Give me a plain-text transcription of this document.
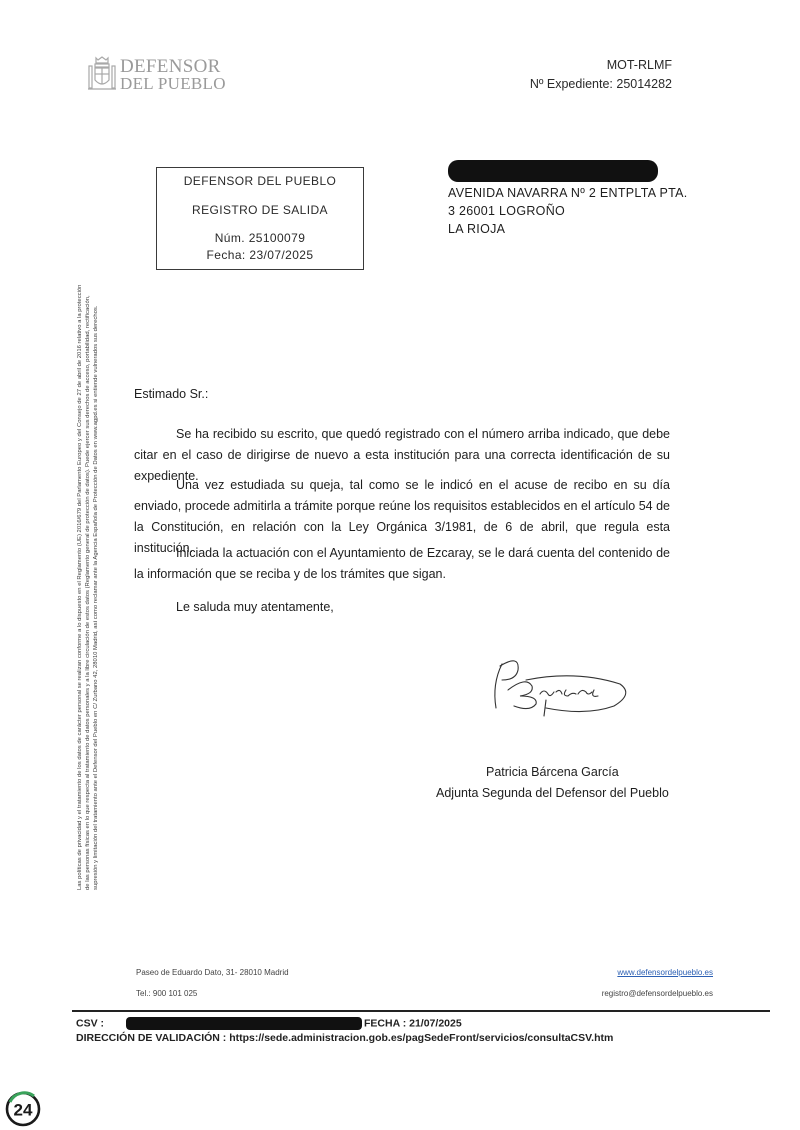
DEFENSOR
DEL PUEBLO
MOT-RLMF
Nº Expediente: 25014282
DEFENSOR DEL PUEBLO
REGISTRO DE SALIDA
Núm. 25100079
Fecha: 23/07/2025
AVENIDA NAVARRA Nº 2 ENTPLTA PTA.
3 26001 LOGROÑO
LA RIOJA
Las políticas de privacidad y el tratamiento de los datos de carácter personal se realizan conforme a lo dispuesto en el Reglamento (UE) 2016/679 del Parlamento Europeo y del Consejo de 27 de abril de 2016 relativo a la protección de las personas físicas en lo que respecta al tratamiento de datos personales y a la libre circulación de estos datos (Reglamento general de protección de datos). Puede ejercer sus derechos de acceso, portabilidad, rectificación, supresión y limitación del tratamiento ante el Defensor del Pueblo en C/ Zurbano 42, 28010 Madrid, así como reclamar ante la Agencia Española de Protección de Datos en www.agpd.es si entiende vulnerados sus derechos.	Estimado Sr.:
Se ha recibido su escrito, que quedó registrado con el número arriba indicado, que debe citar en el caso de dirigirse de nuevo a esta institución para una correcta identificación de su expediente.
Una vez estudiada su queja, tal como se le indicó en el acuse de recibo en su día enviado, procede admitirla a trámite porque reúne los requisitos establecidos en el artículo 54 de la Constitución, en relación con la Ley Orgánica 3/1981, de 6 de abril, que regula esta institución.
Iniciada la actuación con el Ayuntamiento de Ezcaray, se le dará cuenta del contenido de la información que se reciba y de los trámites que sigan.
Le saluda muy atentamente,
Patricia Bárcena García
Adjunta Segunda del Defensor del Pueblo
Paseo de Eduardo Dato, 31- 28010 Madrid
Tel.: 900 101 025
www.defensordelpueblo.es
registro@defensordelpueblo.es
CSV :	FECHA : 21/07/2025
DIRECCIÓN DE VALIDACIÓN : https://sede.administracion.gob.es/pagSedeFront/servicios/consultaCSV.htm
24
